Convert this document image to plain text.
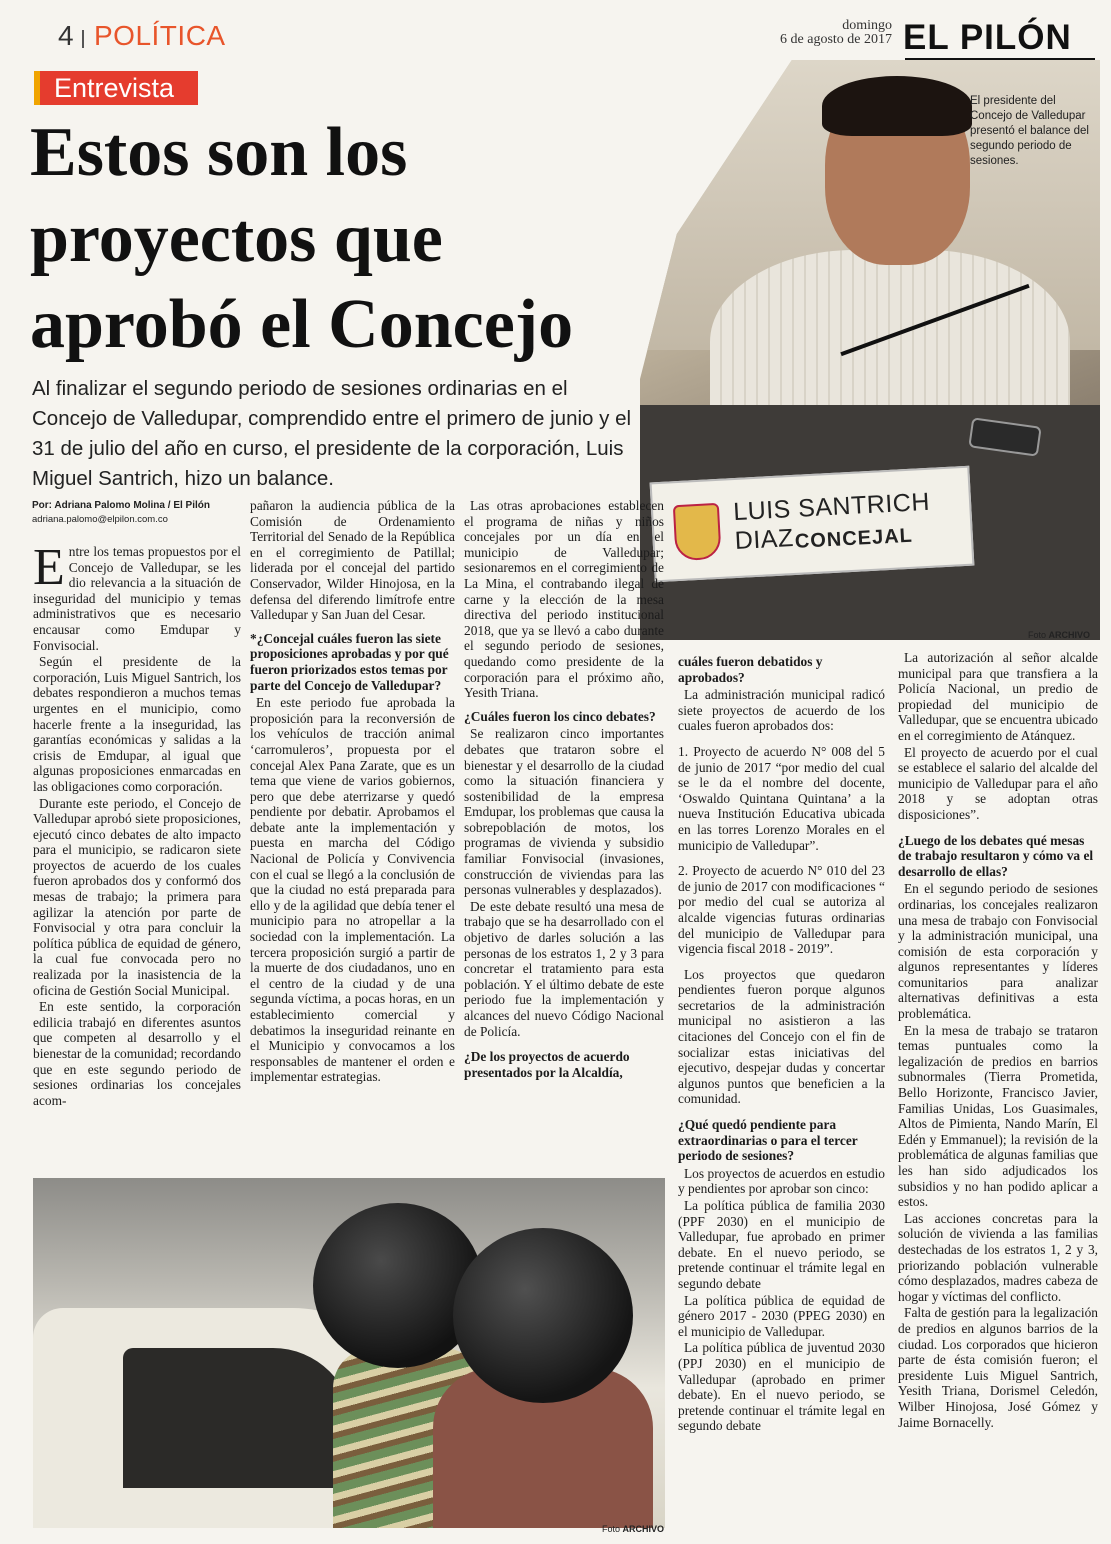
4 POLÍTICA	domingo
6 de agosto de 2017 EL PILÓN
Entrevista
Estos son los proyectos que aprobó el Concejo

Al finalizar el segundo periodo de sesiones ordinarias en el Concejo de Valledupar, comprendido entre el primero de junio y el 31 de julio del año en curso, el presidente de la corporación, Luis Miguel Santrich, hizo un balance.

LUIS SANTRICH DIAZ CONCEJAL

El presidente del Concejo de Valledupar presentó el balance del segundo periodo de sesiones.

Foto ARCHIVO
Por: Adriana Palomo Molina / El Pilón
adriana.palomo@elpilon.com.co

Entre los temas propuestos por el Concejo de Valledupar, se les dio relevancia a la situación de inseguridad del municipio y temas administrativos que es necesario encausar como Emdupar y Fonvisocial.

Según el presidente de la corporación, Luis Miguel Santrich, los debates respondieron a muchos temas urgentes en el municipio, como hacerle frente a la inseguridad, las garantías económicas y salidas a la crisis de Emdupar, al igual que algunas proposiciones enmarcadas en las obligaciones como corporación.

Durante este periodo, el Concejo de Valledupar aprobó siete proposiciones, ejecutó cinco debates de alto impacto para el municipio, se radicaron siete proyectos de acuerdo de los cuales fueron aprobados dos y conformó dos mesas de trabajo; la primera para agilizar la atención por parte de Fonvisocial y otra para concluir la política pública de equidad de género, la cual fue convocada pero no realizada por la inasistencia de la oficina de Gestión Social Municipal.

En este sentido, la corporación edilicia trabajó en diferentes asuntos que competen al desarrollo y el bienestar de la comunidad; recordando que en este segundo periodo de sesiones ordinarias los concejales acom-

pañaron la audiencia pública de la Comisión de Ordenamiento Territorial del Senado de la República en el corregimiento de Patillal; liderada por el concejal del partido Conservador, Wilder Hinojosa, en la defensa del diferendo limítrofe entre Valledupar y San Juan del Cesar.

*¿Concejal cuáles fueron las siete proposiciones aprobadas y por qué fueron priorizados estos temas por parte del Concejo de Valledupar?

En este periodo fue aprobada la proposición para la reconversión de los vehículos de tracción animal ‘carromuleros’, propuesta por el concejal Alex Pana Zarate, que es un tema que viene de varios gobiernos, pero que debe aterrizarse y quedó pendiente por debatir. Aprobamos el debate ante la implementación y puesta en marcha del Código Nacional de Policía y Convivencia con el cual se llegó a la conclusión de que la ciudad no está preparada para ello y de la agilidad que debía tener el municipio para no atropellar a la sociedad con la implementación. La tercera proposición surgió a partir de la muerte de dos ciudadanos, uno en el centro de la ciudad y de una segunda víctima, a pocas horas, en un establecimiento comercial y debatimos la inseguridad reinante en el Municipio y convocamos a los responsables de mantener el orden e implementar estrategias.

Las otras aprobaciones establecen el programa de niñas y niños concejales por un día en el municipio de Valledupar; sesionaremos en el corregimiento de La Mina, el contrabando ilegal de carne y la elección de la mesa directiva del periodo institucional 2018, que ya se llevó a cabo durante el segundo periodo de sesiones, quedando como presidente de la corporación para el próximo año, Yesith Triana.

¿Cuáles fueron los cinco debates?

Se realizaron cinco importantes debates que trataron sobre el bienestar y el desarrollo de la ciudad como la situación financiera y sostenibilidad de la empresa Emdupar, los problemas que causa la sobrepoblación de motos, los programas de vivienda y subsidio familiar Fonvisocial (invasiones, construcción de viviendas para las personas vulnerables y desplazados).

De este debate resultó una mesa de trabajo que se ha desarrollado con el objetivo de darles solución a las personas de los estratos 1, 2 y 3 para concretar el tratamiento para esta población. Y el último debate de este periodo fue la implementación y alcances del nuevo Código Nacional de Policía.

¿De los proyectos de acuerdo presentados por la Alcaldía,

cuáles fueron debatidos y aprobados?

La administración municipal radicó siete proyectos de acuerdo de los cuales fueron aprobados dos:

1. Proyecto de acuerdo N° 008 del 5 de junio de 2017 “por medio del cual se le da el nombre del docente, ‘Oswaldo Quintana Quintana’ a la nueva Institución Educativa ubicada en las torres Lorenzo Morales en el municipio de Valledupar”.

2. Proyecto de acuerdo N° 010 del 23 de junio de 2017 con modificaciones “ por medio del cual se autoriza al alcalde vigencias futuras ordinarias del municipio de Valledupar para vigencia fiscal 2018 - 2019”.

Los proyectos que quedaron pendientes fueron porque algunos secretarios de la administración municipal no asistieron a las citaciones del Concejo con el fin de socializar estas iniciativas del ejecutivo, despejar dudas y concertar algunos puntos que beneficien a la comunidad.

¿Qué quedó pendiente para extraordinarias o para el tercer periodo de sesiones?

Los proyectos de acuerdos en estudio y pendientes por aprobar son cinco:

La política pública de familia 2030 (PPF 2030) en el municipio de Valledupar, fue aprobado en primer debate. En el nuevo periodo, se pretende continuar el trámite legal en segundo debate

La política pública de equidad de género 2017 - 2030 (PPEG 2030) en el municipio de Valledupar.

La política pública de juventud 2030 (PPJ 2030) en el municipio de Valledupar (aprobado en primer debate). En el nuevo periodo, se pretende continuar el trámite legal en segundo debate

La autorización al señor alcalde municipal para que transfiera a la Policía Nacional, un predio de propiedad del municipio de Valledupar, que se encuentra ubicado en el corregimiento de Atánquez.

El proyecto de acuerdo por el cual se establece el salario del alcalde del municipio de Valledupar para el año 2018 y se adoptan otras disposiciones”.

¿Luego de los debates qué mesas de trabajo resultaron y cómo va el desarrollo de ellas?

En el segundo periodo de sesiones ordinarias, los concejales realizaron una mesa de trabajo con Fonvisocial y la administración municipal, una comisión de esta corporación y algunos representantes y líderes comunitarios para analizar alternativas definitivas a esta problemática.

En la mesa de trabajo se trataron temas puntuales como la legalización de predios en barrios subnormales (Tierra Prometida, Bello Horizonte, Francisco Javier, Familias Unidas, Los Guasimales, Altos de Pimienta, Nando Marín, El Edén y Emmanuel); la revisión de la problemática de algunas familias que les han sido adjudicados los subsidios y no han podido aplicar a estos.

Las acciones concretas para la solución de vivienda a las familias destechadas de los estratos 1, 2 y 3, priorizando población vulnerable cómo desplazados, madres cabeza de hogar y víctimas del conflicto.

Falta de gestión para la legalización de predios en algunos barrios de la ciudad. Los corporados que hicieron parte de ésta comisión fueron; el presidente Luis Miguel Santrich, Yesith Triana, Dorismel Celedón, Wilber Hinojosa, José Gómez y Jaime Bornacelly.

Foto ARCHIVO
